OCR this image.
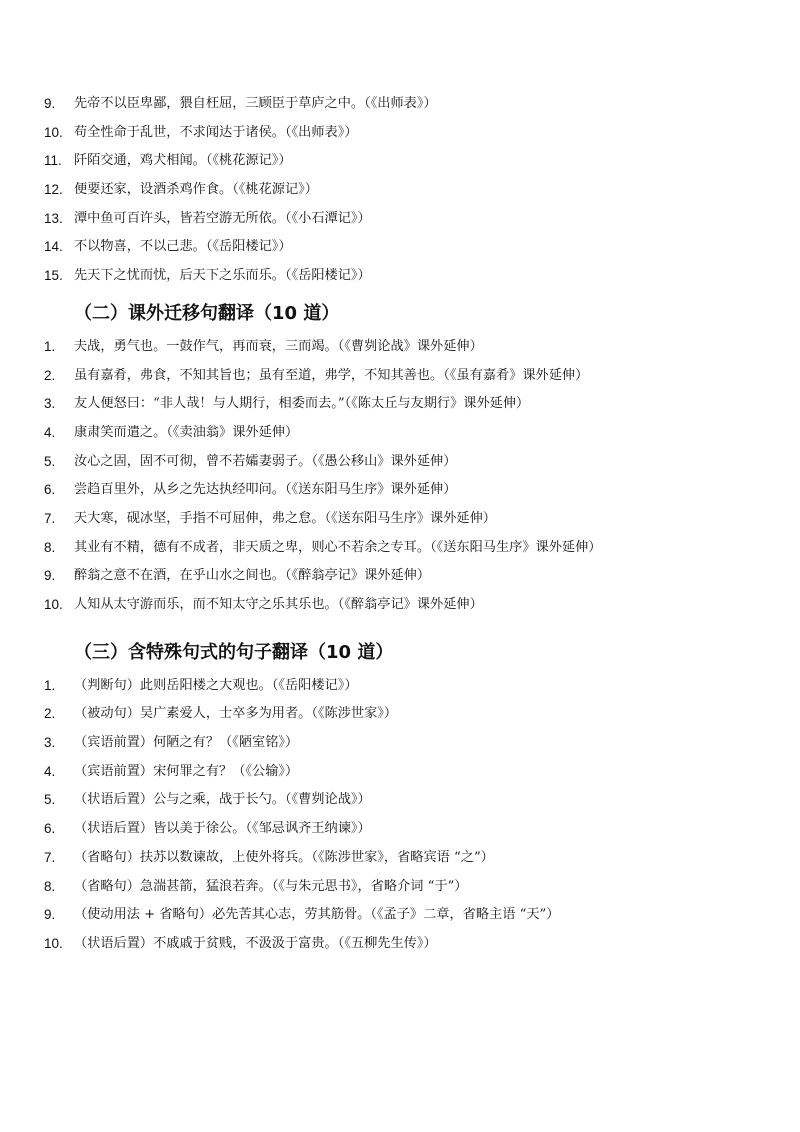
9. 先帝不以臣卑鄙，猥自枉屈，三顾臣于草庐之中。（《出师表》）
10. 苟全性命于乱世，不求闻达于诸侯。（《出师表》）
11. 阡陌交通，鸡犬相闻。（《桃花源记》）
12. 便要还家，设酒杀鸡作食。（《桃花源记》）
13. 潭中鱼可百许头，皆若空游无所依。（《小石潭记》）
14. 不以物喜，不以己悲。（《岳阳楼记》）
15. 先天下之忧而忧，后天下之乐而乐。（《岳阳楼记》）
（二）课外迁移句翻译（10 道）
1. 夫战，勇气也。一鼓作气，再而衰，三而竭。（《曹刿论战》课外延伸）
2. 虽有嘉肴，弗食，不知其旨也；虽有至道，弗学，不知其善也。（《虽有嘉肴》课外延伸）
3. 友人便怒曰：“非人哉！与人期行，相委而去。”（《陈太丘与友期行》课外延伸）
4. 康肃笑而遣之。（《卖油翁》课外延伸）
5. 汝心之固，固不可彻，曾不若孀妻弱子。（《愚公移山》课外延伸）
6. 尝趋百里外，从乡之先达执经叩问。（《送东阳马生序》课外延伸）
7. 天大寒，砚冰坚，手指不可屈伸，弗之怠。（《送东阳马生序》课外延伸）
8. 其业有不精，德有不成者，非天质之卑，则心不若余之专耳。（《送东阳马生序》课外延伸）
9. 醉翁之意不在酒，在乎山水之间也。（《醉翁亭记》课外延伸）
10. 人知从太守游而乐，而不知太守之乐其乐也。（《醉翁亭记》课外延伸）
（三）含特殊句式的句子翻译（10 道）
1. （判断句）此则岳阳楼之大观也。（《岳阳楼记》）
2. （被动句）吴广素爱人，士卒多为用者。（《陈涉世家》）
3. （宾语前置）何陋之有？（《陋室铭》）
4. （宾语前置）宋何罪之有？（《公输》）
5. （状语后置）公与之乘，战于长勺。（《曹刿论战》）
6. （状语后置）皆以美于徐公。（《邹忌讽齐王纳谏》）
7. （省略句）扶苏以数谏故，上使外将兵。（《陈涉世家》，省略宾语 “之”）
8. （省略句）急湍甚箭，猛浪若奔。（《与朱元思书》，省略介词 “于”）
9. （使动用法 + 省略句）必先苦其心志，劳其筋骨。（《孟子》二章，省略主语 “天”）
10. （状语后置）不戚戚于贫贱，不汲汲于富贵。（《五柳先生传》）
